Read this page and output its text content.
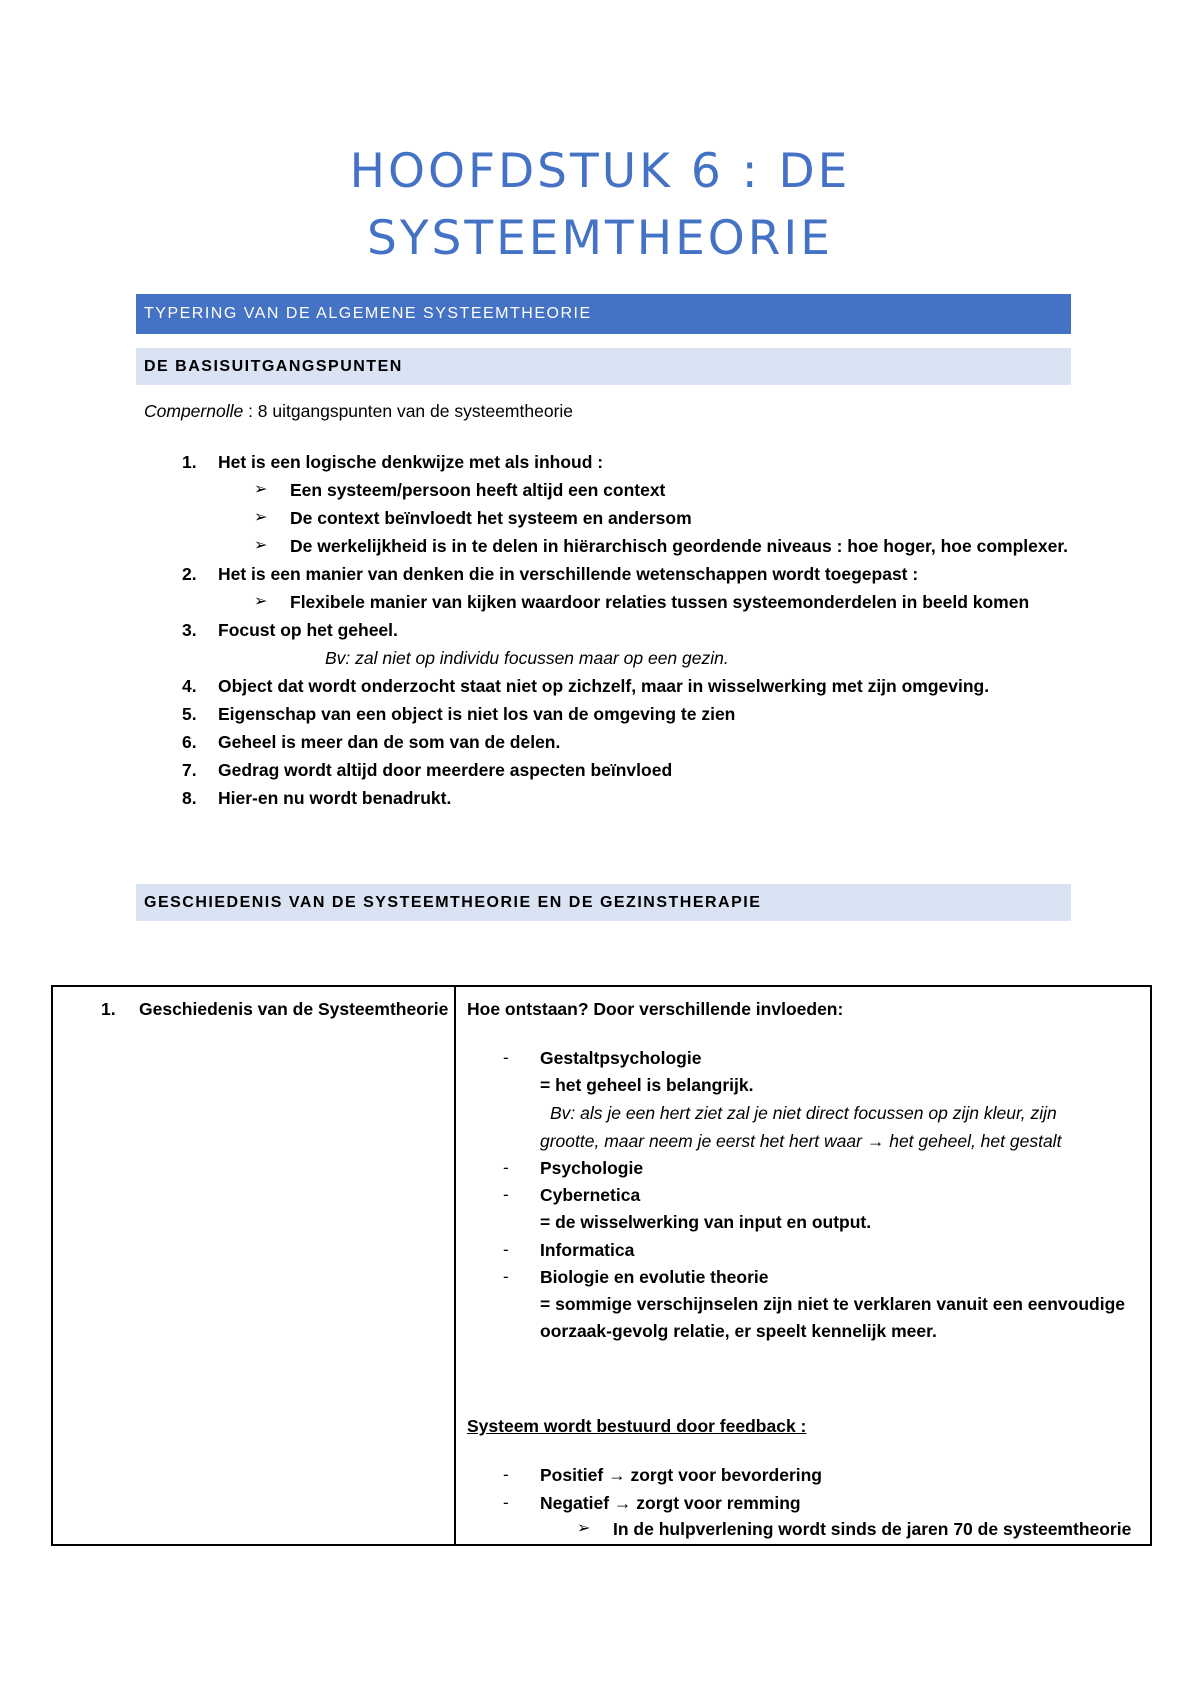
HOOFDSTUK 6 : DE
SYSTEEMTHEORIE
TYPERING VAN DE ALGEMENE SYSTEEMTHEORIE
DE BASISUITGANGSPUNTEN
Compernolle : 8 uitgangspunten van de systeemtheorie
1. Het is een logische denkwijze met als inhoud :
➢ Een systeem/persoon heeft altijd een context
➢ De context beïnvloedt het systeem en andersom
➢ De werkelijkheid is in te delen in hiërarchisch geordende niveaus : hoe hoger, hoe complexer.
2. Het is een manier van denken die in verschillende wetenschappen wordt toegepast :
➢ Flexibele manier van kijken waardoor relaties tussen systeemonderdelen in beeld komen
3. Focust op het geheel.
Bv: zal niet op individu focussen maar op een gezin.
4. Object dat wordt onderzocht staat niet op zichzelf, maar in wisselwerking met zijn omgeving.
5. Eigenschap van een object is niet los van de omgeving te zien
6. Geheel is meer dan de som van de delen.
7. Gedrag wordt altijd door meerdere aspecten beïnvloed
8. Hier-en nu wordt benadrukt.
GESCHIEDENIS VAN DE SYSTEEMTHEORIE EN DE GEZINSTHERAPIE
1. Geschiedenis van de Systeemtheorie Hoe ontstaan? Door verschillende invloeden:
- Gestaltpsychologie
= het geheel is belangrijk.
Bv: als je een hert ziet zal je niet direct focussen op zijn kleur, zijn
grootte, maar neem je eerst het hert waar → het geheel, het gestalt
- Psychologie
- Cybernetica
= de wisselwerking van input en output.
- Informatica
- Biologie en evolutie theorie
= sommige verschijnselen zijn niet te verklaren vanuit een eenvoudige
oorzaak-gevolg relatie, er speelt kennelijk meer.
Systeem wordt bestuurd door feedback :
- Positief → zorgt voor bevordering
- Negatief → zorgt voor remming
➢ In de hulpverlening wordt sinds de jaren 70 de systeemtheorie
